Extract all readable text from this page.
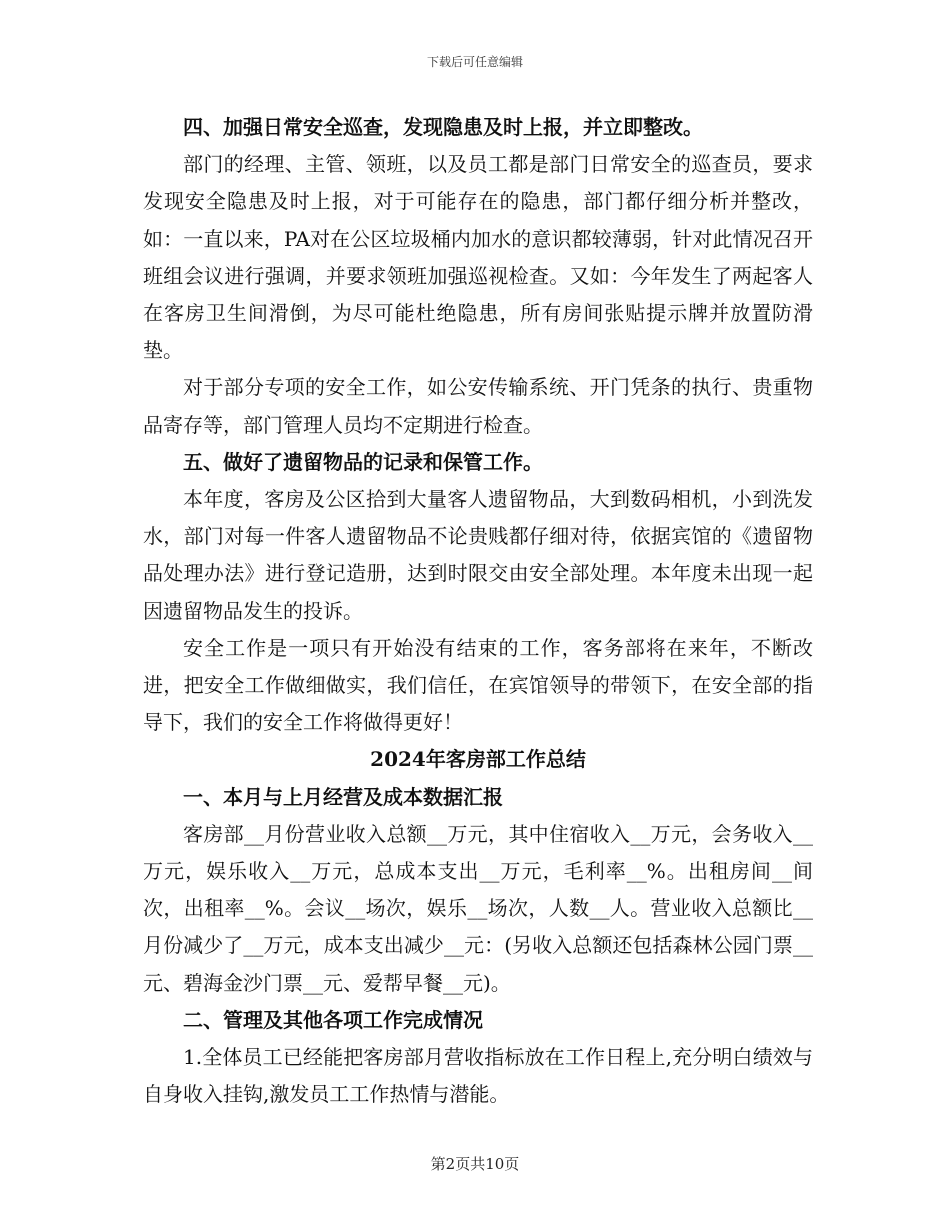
下载后可任意编辑
四、加强日常安全巡查，发现隐患及时上报，并立即整改。

部门的经理、主管、领班，以及员工都是部门日常安全的巡查员，要求发现安全隐患及时上报，对于可能存在的隐患，部门都仔细分析并整改，如：一直以来，PA对在公区垃圾桶内加水的意识都较薄弱，针对此情况召开班组会议进行强调，并要求领班加强巡视检查。又如：今年发生了两起客人在客房卫生间滑倒，为尽可能杜绝隐患，所有房间张贴提示牌并放置防滑垫。

对于部分专项的安全工作，如公安传输系统、开门凭条的执行、贵重物品寄存等，部门管理人员均不定期进行检查。

五、做好了遗留物品的记录和保管工作。

本年度，客房及公区拾到大量客人遗留物品，大到数码相机，小到洗发水，部门对每一件客人遗留物品不论贵贱都仔细对待，依据宾馆的《遗留物品处理办法》进行登记造册，达到时限交由安全部处理。本年度未出现一起因遗留物品发生的投诉。

安全工作是一项只有开始没有结束的工作，客务部将在来年，不断改进，把安全工作做细做实，我们信任，在宾馆领导的带领下，在安全部的指导下，我们的安全工作将做得更好！

2024年客房部工作总结
一、本月与上月经营及成本数据汇报

客房部__月份营业收入总额__万元，其中住宿收入__万元，会务收入__万元，娱乐收入__万元，总成本支出__万元，毛利率__%。出租房间__间次，出租率__%。会议__场次，娱乐__场次，人数__人。营业收入总额比__月份减少了__万元，成本支出减少__元：(另收入总额还包括森林公园门票__元、碧海金沙门票__元、爱帮早餐__元)。

二、管理及其他各项工作完成情况

1.全体员工已经能把客房部月营收指标放在工作日程上,充分明白绩效与自身收入挂钩,激发员工工作热情与潜能。

第2页共10页
